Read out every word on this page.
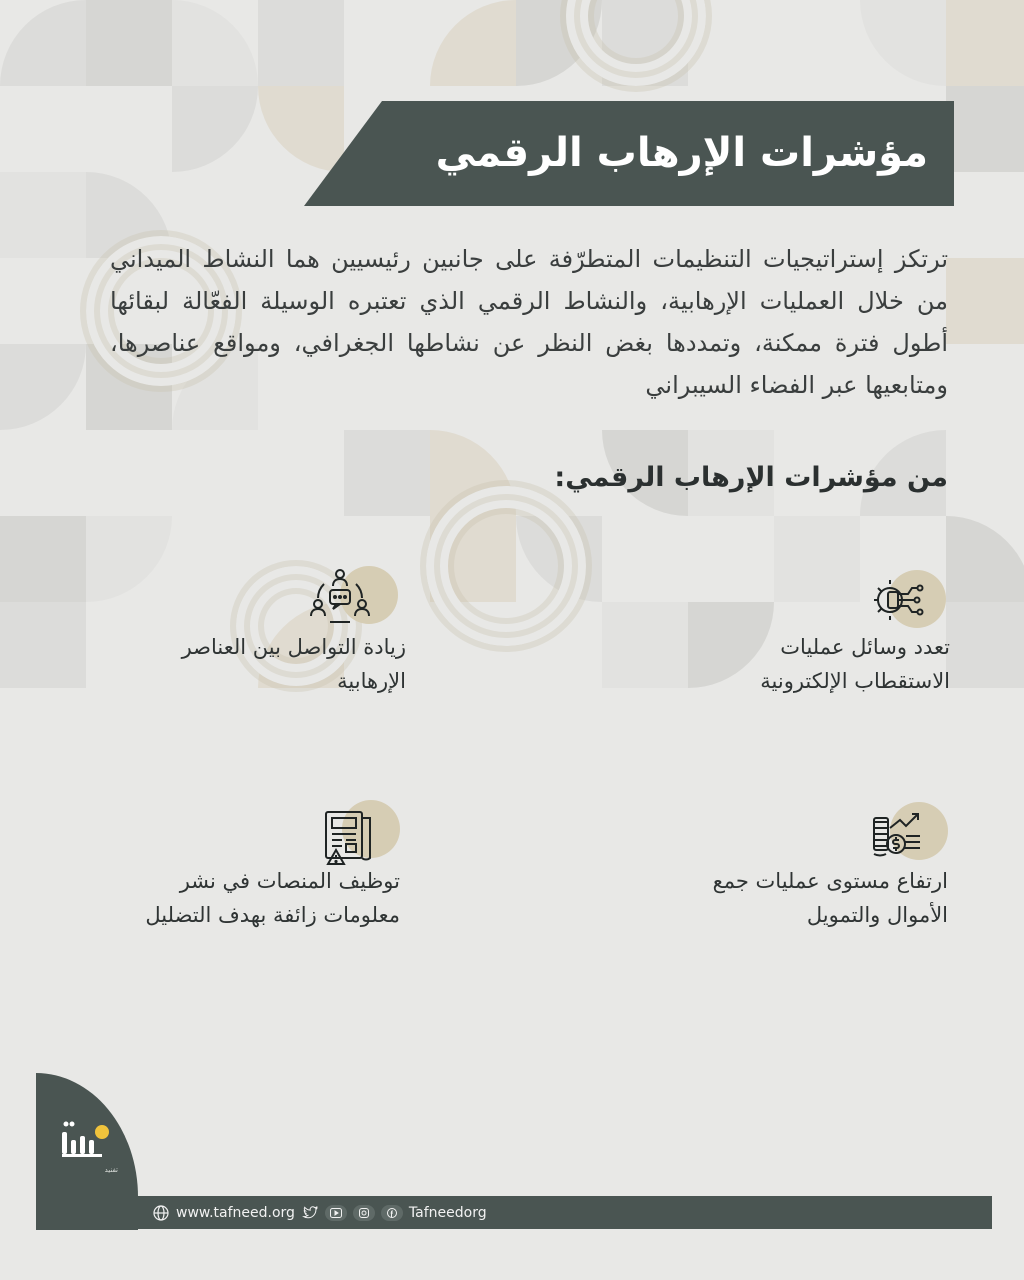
مؤشرات الإرهاب الرقمي
ترتكز إستراتيجيات التنظيمات المتطرّفة على جانبين رئيسيين هما النشاط الميداني من خلال العمليات الإرهابية، والنشاط الرقمي الذي تعتبره الوسيلة الفعّالة لبقائها أطول فترة ممكنة، وتمددها بغض النظر عن نشاطها الجغرافي، ومواقع عناصرها، ومتابعيها عبر الفضاء السيبراني
من مؤشرات الإرهاب الرقمي:
تعدد وسائل عمليات
الاستقطاب الإلكترونية
زيادة التواصل بين العناصر
الإرهابية
ارتفاع مستوى عمليات جمع
الأموال والتمويل
توظيف المنصات في نشر
معلومات زائفة بهدف التضليل
تفنيد
www.tafneed.org	Tafneedorg
